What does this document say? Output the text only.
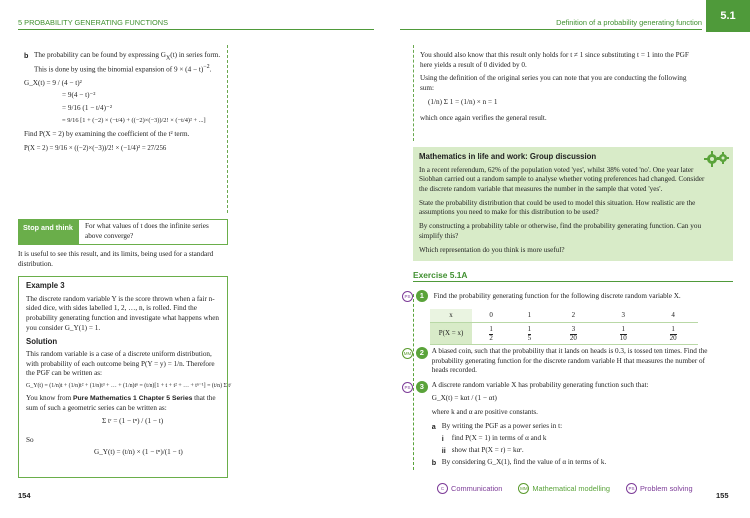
5 PROBABILITY GENERATING FUNCTIONS	Definition of a probability generating function
5.1
b The probability can be found by expressing $G_X(t)$ in series form. This is done by using the binomial expansion of $9 \times (4 - t)^{-2}$.
G_X(t) = 9 / (4 − t)²
= 9(4 − t)⁻²
= 9/16 (1 − t/4)⁻²
= 9/16 [1 + (−2) × (−t/4) + ((−2)×(−3))/2! × (−t/4)² + ...]
Find P(X = 2) by examining the coefficient of the t² term.
P(X = 2) = 9/16 × ((−2)×(−3))/2! × (−1/4)² = 27/256
Stop and think	For what values of t does the infinite series above converge?
It is useful to see this result, and its limits, being used for a standard distribution.
Example 3
The discrete random variable Y is the score thrown when a fair n-sided dice, with sides labelled 1, 2, …, n, is rolled. Find the probability generating function and investigate what happens when you consider G_Y(1) = 1.
Solution
This random variable is a case of a discrete uniform distribution, with probability of each outcome being P(Y = y) = 1/n. Therefore the PGF can be written as:
G_Y(t) = (1/n)t + (1/n)t² + (1/n)t³ + … + (1/n)tⁿ = (t/n)[1 + t + t² + … + tⁿ⁻¹] = (t/n) Σ tʳ
You know from Pure Mathematics 1 Chapter 5 Series that the sum of such a geometric series can be written as:
Σ tʳ = (1 − tⁿ) / (1 − t)
So
G_Y(t) = (t/n) × (1 − tⁿ)/(1 − t)
154
You should also know that this result only holds for t ≠ 1 since substituting t = 1 into the PGF here yields a result of 0 divided by 0.
Using the definition of the original series you can note that you are conducting the following sum:
(1/n) Σ 1 = (1/n) × n = 1
which once again verifies the general result.
Mathematics in life and work: Group discussion
In a recent referendum, 62% of the population voted 'yes', whilst 38% voted 'no'. One year later Siobhan carried out a random sample to analyse whether voting preferences had changed. Consider the discrete random variable that measures the number in the sample that voted 'yes'.
State the probability distribution that could be used to model this situation. How realistic are the assumptions you need to make for this distribution to be used?
By constructing a probability table or otherwise, find the probability generating function. Can you simplify this?
Which representation do you think is more useful?
Exercise 5.1A
PS 1 Find the probability generating function for the following discrete random variable X.
x	0	1	2	3	4
P(X = x)	$\frac{1}{2}$	$\frac{1}{5}$	$\frac{3}{20}$	$\frac{1}{10}$	$\frac{1}{20}$
MM 2	A biased coin, such that the probability that it lands on heads is 0.3, is tossed ten times. Find the probability generating function for the discrete random variable H that measures the number of heads recorded.
PS 3	A discrete random variable X has probability generating function such that:
G_X(t) = kαt / (1 − αt)
where k and α are positive constants.
a By writing the PGF as a power series in t:
i	find P(X = 1) in terms of α and k
ii show that P(X = r) = kαʳ.
b By considering G_X(1), find the value of α in terms of k.
C Communication	MM Mathematical modelling	PS Problem solving
155
